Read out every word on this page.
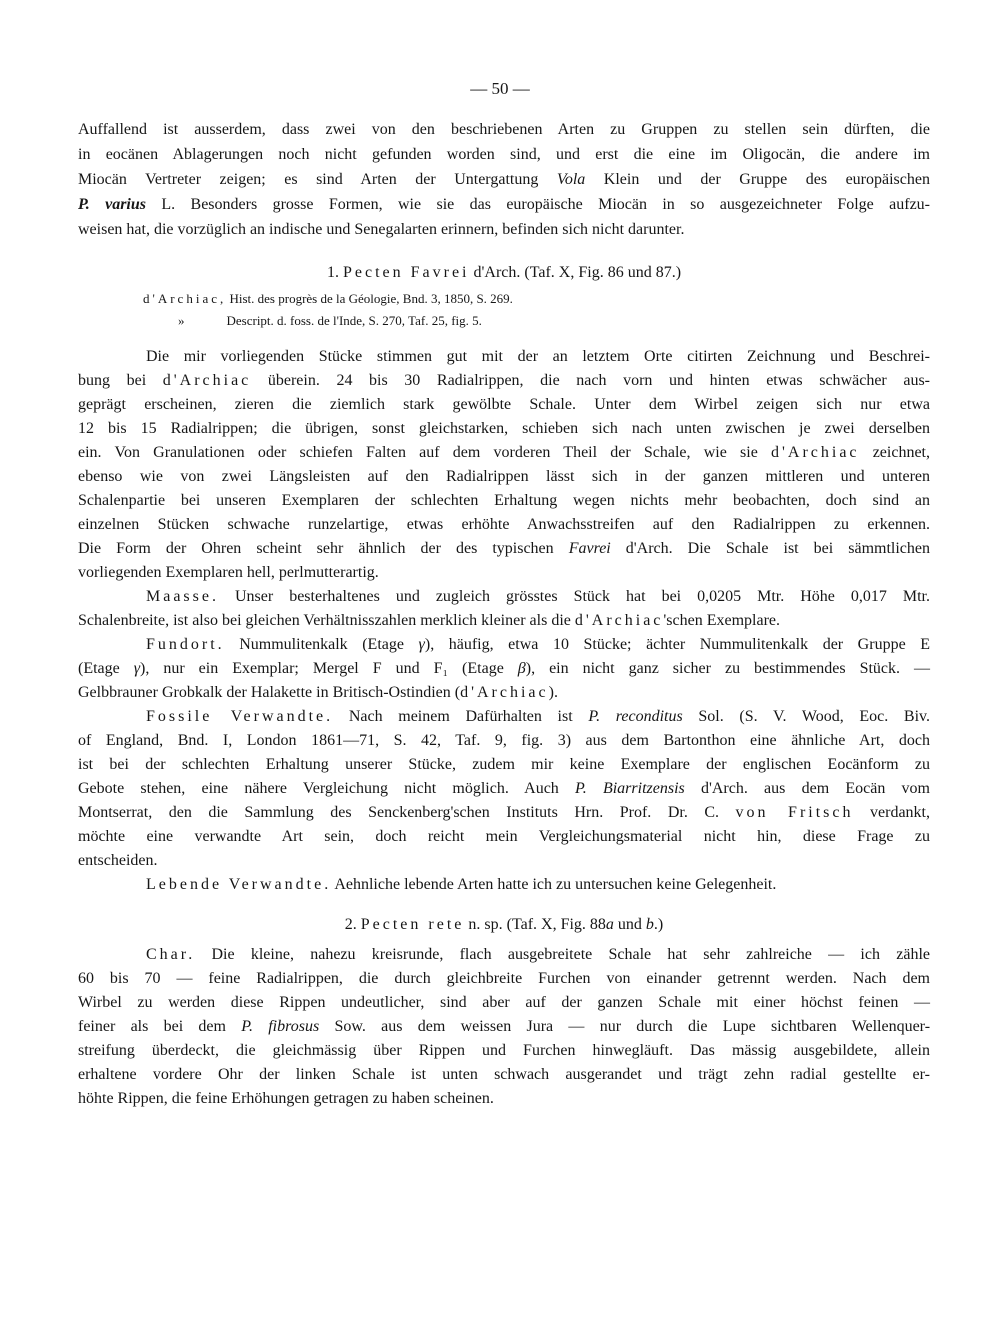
— 50 —
Auffallend ist ausserdem, dass zwei von den beschriebenen Arten zu Gruppen zu stellen sein dürften, die
in eocänen Ablagerungen noch nicht gefunden worden sind, und erst die eine im Oligocän, die andere im
Miocän Vertreter zeigen; es sind Arten der Untergattung Vola Klein und der Gruppe des europäischen
P. varius L. Besonders grosse Formen, wie sie das europäische Miocän in so ausgezeichneter Folge aufzu-
weisen hat, die vorzüglich an indische und Senegalarten erinnern, befinden sich nicht darunter.
1. Pecten Favrei d'Arch. (Taf. X, Fig. 86 und 87.)
d'Archiac, Hist. des progrès de la Géologie, Bnd. 3, 1850, S. 269.
»	Descript. d. foss. de l'Inde, S. 270, Taf. 25, fig. 5.
Die mir vorliegenden Stücke stimmen gut mit der an letztem Orte citirten Zeichnung und Beschrei-
bung bei d'Archiac überein. 24 bis 30 Radialrippen, die nach vorn und hinten etwas schwächer aus-
geprägt erscheinen, zieren die ziemlich stark gewölbte Schale. Unter dem Wirbel zeigen sich nur etwa
12 bis 15 Radialrippen; die übrigen, sonst gleichstarken, schieben sich nach unten zwischen je zwei derselben
ein. Von Granulationen oder schiefen Falten auf dem vorderen Theil der Schale, wie sie d'Archiac zeichnet,
ebenso wie von zwei Längsleisten auf den Radialrippen lässt sich in der ganzen mittleren und unteren
Schalenpartie bei unseren Exemplaren der schlechten Erhaltung wegen nichts mehr beobachten, doch sind an
einzelnen Stücken schwache runzelartige, etwas erhöhte Anwachsstreifen auf den Radialrippen zu erkennen.
Die Form der Ohren scheint sehr ähnlich der des typischen Favrei d'Arch. Die Schale ist bei sämmtlichen
vorliegenden Exemplaren hell, perlmutterartig.
Maasse. Unser besterhaltenes und zugleich grösstes Stück hat bei 0,0205 Mtr. Höhe 0,017 Mtr.
Schalenbreite, ist also bei gleichen Verhältnisszahlen merklich kleiner als die d'Archiac'schen Exemplare.
Fundort. Nummulitenkalk (Etage γ), häufig, etwa 10 Stücke; ächter Nummulitenkalk der Gruppe E
(Etage γ), nur ein Exemplar; Mergel F und F₁ (Etage β), ein nicht ganz sicher zu bestimmendes Stück. —
Gelbbrauner Grobkalk der Halakette in Britisch-Ostindien (d'Archiac).
Fossile Verwandte. Nach meinem Dafürhalten ist P. reconditus Sol. (S. V. Wood, Eoc. Biv.
of England, Bnd. I, London 1861—71, S. 42, Taf. 9, fig. 3) aus dem Bartonthon eine ähnliche Art, doch
ist bei der schlechten Erhaltung unserer Stücke, zudem mir keine Exemplare der englischen Eocänform zu
Gebote stehen, eine nähere Vergleichung nicht möglich. Auch P. Biarritzensis d'Arch. aus dem Eocän vom
Montserrat, den die Sammlung des Senckenberg'schen Instituts Hrn. Prof. Dr. C. von Fritsch verdankt,
möchte eine verwandte Art sein, doch reicht mein Vergleichungsmaterial nicht hin, diese Frage zu
entscheiden.
Lebende Verwandte. Aehnliche lebende Arten hatte ich zu untersuchen keine Gelegenheit.
2. Pecten rete n. sp. (Taf. X, Fig. 88a und b.)
Char. Die kleine, nahezu kreisrunde, flach ausgebreitete Schale hat sehr zahlreiche — ich zähle
60 bis 70 — feine Radialrippen, die durch gleichbreite Furchen von einander getrennt werden. Nach dem
Wirbel zu werden diese Rippen undeutlicher, sind aber auf der ganzen Schale mit einer höchst feinen —
feiner als bei dem P. fibrosus Sow. aus dem weissen Jura — nur durch die Lupe sichtbaren Wellenquer-
streifung überdeckt, die gleichmässig über Rippen und Furchen hinwegläuft. Das mässig ausgebildete, allein
erhaltene vordere Ohr der linken Schale ist unten schwach ausgerandet und trägt zehn radial gestellte er-
höhte Rippen, die feine Erhöhungen getragen zu haben scheinen.
